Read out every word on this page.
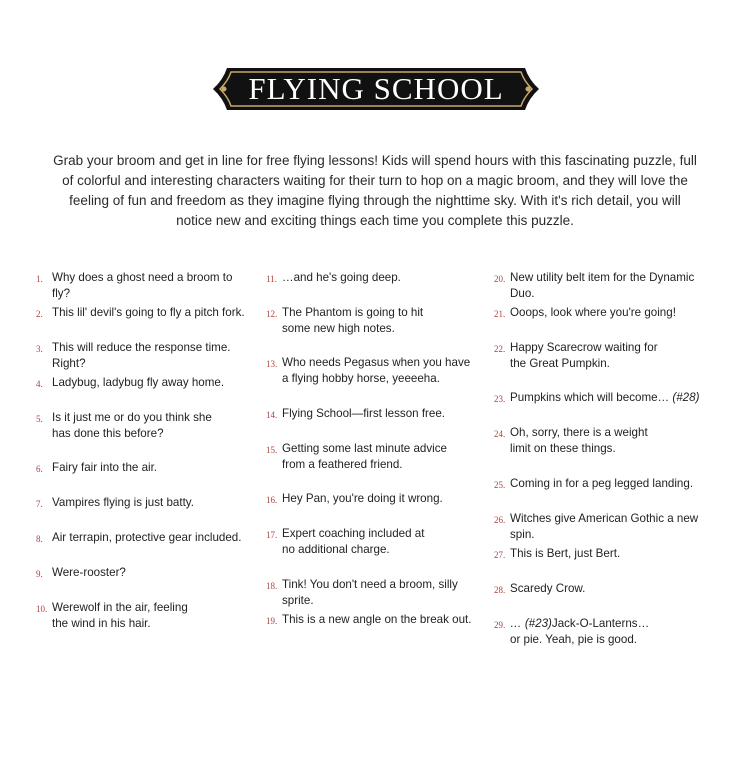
FLYING SCHOOL
Grab your broom and get in line for free flying lessons! Kids will spend hours with this fascinating puzzle, full of colorful and interesting characters waiting for their turn to hop on a magic broom, and they will love the feeling of fun and freedom as they imagine flying through the nighttime sky. With it's rich detail, you will notice new and exciting things each time you complete this puzzle.
1. Why does a ghost need a broom to fly?
2. This lil' devil's going to fly a pitch fork.
3. This will reduce the response time. Right?
4. Ladybug, ladybug fly away home.
5. Is it just me or do you think she
has done this before?
6. Fairy fair into the air.
7. Vampires flying is just batty.
8. Air terrapin, protective gear included.
9. Were-rooster?
10. Werewolf in the air, feeling
the wind in his hair.
11. …and he's going deep.
12. The Phantom is going to hit
some new high notes.
13. Who needs Pegasus when you have
a flying hobby horse, yeeeeha.
14. Flying School—first lesson free.
15. Getting some last minute advice
from a feathered friend.
16. Hey Pan, you're doing it wrong.
17. Expert coaching included at
no additional charge.
18. Tink! You don't need a broom, silly sprite.
19. This is a new angle on the break out.
20. New utility belt item for the Dynamic Duo.
21. Ooops, look where you're going!
22. Happy Scarecrow waiting for
the Great Pumpkin.
23. Pumpkins which will become… (#28)
24. Oh, sorry, there is a weight
limit on these things.
25. Coming in for a peg legged landing.
26. Witches give American Gothic a new spin.
27. This is Bert, just Bert.
28. Scaredy Crow.
29. … (#23)Jack-O-Lanterns…
or pie. Yeah, pie is good.
